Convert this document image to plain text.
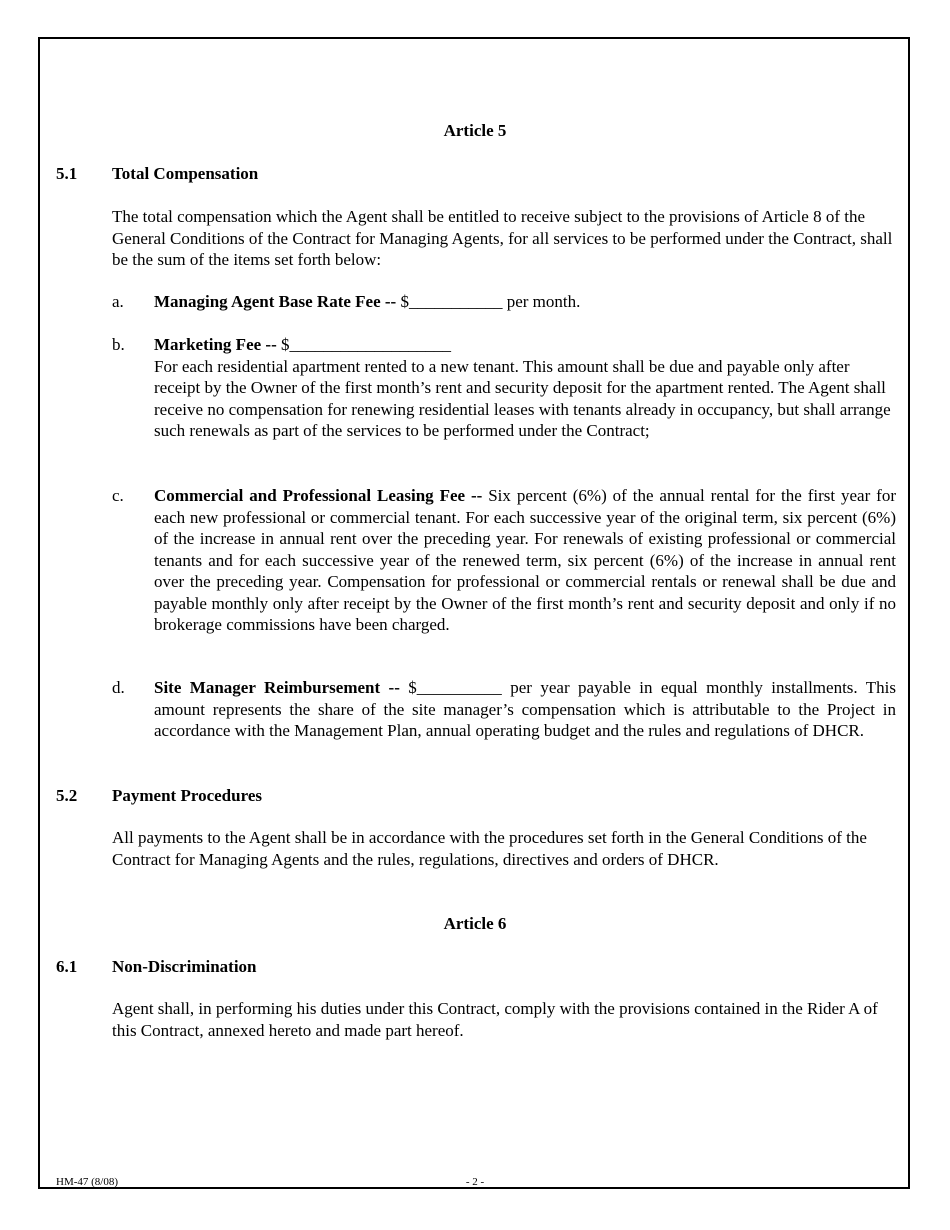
Article 5
5.1 Total Compensation

The total compensation which the Agent shall be entitled to receive subject to the provisions of Article 8 of the General Conditions of the Contract for Managing Agents, for all services to be performed under the Contract, shall be the sum of the items set forth below:

a. Managing Agent Base Rate Fee -- $___________ per month.

b. Marketing Fee -- $___________________
For each residential apartment rented to a new tenant. This amount shall be due and payable only after receipt by the Owner of the first month’s rent and security deposit for the apartment rented. The Agent shall receive no compensation for renewing residential leases with tenants already in occupancy, but shall arrange such renewals as part of the services to be performed under the Contract;
c. Commercial and Professional Leasing Fee -- Six percent (6%) of the annual rental for the first year for each new professional or commercial tenant. For each successive year of the original term, six percent (6%) of the increase in annual rent over the preceding year. For renewals of existing professional or commercial tenants and for each successive year of the renewed term, six percent (6%) of the increase in annual rent over the preceding year. Compensation for professional or commercial rentals or renewal shall be due and payable monthly only after receipt by the Owner of the first month’s rent and security deposit and only if no brokerage commissions have been charged.

d. Site Manager Reimbursement -- $__________ per year payable in equal monthly installments. This amount represents the share of the site manager’s compensation which is attributable to the Project in accordance with the Management Plan, annual operating budget and the rules and regulations of DHCR.

5.2 Payment Procedures

All payments to the Agent shall be in accordance with the procedures set forth in the General Conditions of the Contract for Managing Agents and the rules, regulations, directives and orders of DHCR.

Article 6
6.1 Non-Discrimination

Agent shall, in performing his duties under this Contract, comply with the provisions contained in the Rider A of this Contract, annexed hereto and made part hereof.

HM-47 (8/08)	- 2 -
